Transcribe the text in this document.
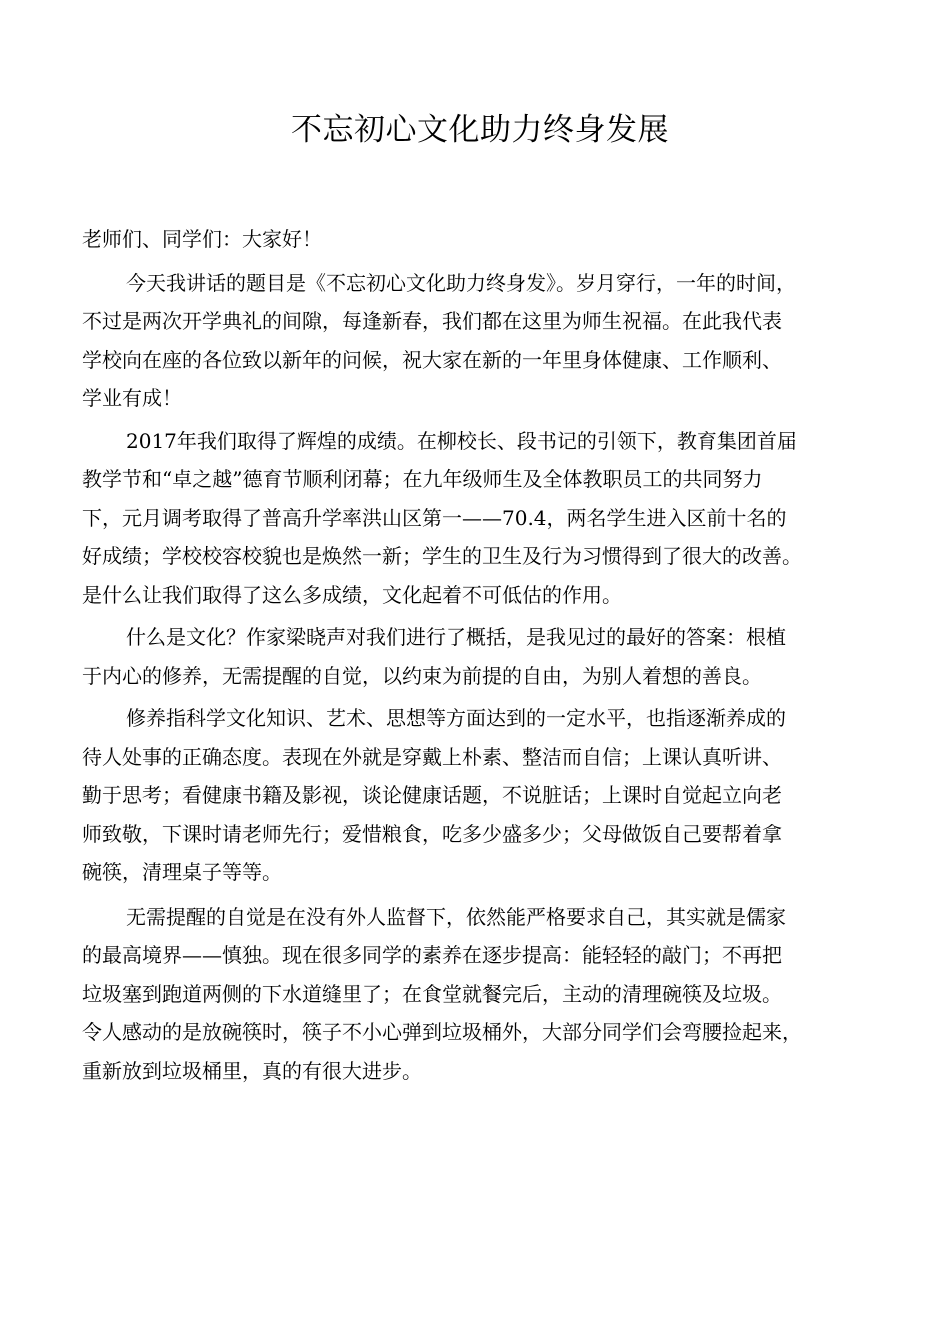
不忘初心文化助力终身发展
老师们、同学们：大家好！
今天我讲话的题目是《不忘初心文化助力终身发》。岁月穿行，一年的时间，
不过是两次开学典礼的间隙，每逢新春，我们都在这里为师生祝福。在此我代表
学校向在座的各位致以新年的问候，祝大家在新的一年里身体健康、工作顺利、
学业有成！
2017年我们取得了辉煌的成绩。在柳校长、段书记的引领下，教育集团首届
教学节和“卓之越”德育节顺利闭幕；在九年级师生及全体教职员工的共同努力
下，元月调考取得了普高升学率洪山区第一——70.4，两名学生进入区前十名的
好成绩；学校校容校貌也是焕然一新；学生的卫生及行为习惯得到了很大的改善。
是什么让我们取得了这么多成绩，文化起着不可低估的作用。
什么是文化？作家梁晓声对我们进行了概括，是我见过的最好的答案：根植
于内心的修养，无需提醒的自觉，以约束为前提的自由，为别人着想的善良。
修养指科学文化知识、艺术、思想等方面达到的一定水平，也指逐渐养成的
待人处事的正确态度。表现在外就是穿戴上朴素、整洁而自信；上课认真听讲、
勤于思考；看健康书籍及影视，谈论健康话题，不说脏话；上课时自觉起立向老
师致敬，下课时请老师先行；爱惜粮食，吃多少盛多少；父母做饭自己要帮着拿
碗筷，清理桌子等等。
无需提醒的自觉是在没有外人监督下，依然能严格要求自己，其实就是儒家
的最高境界——慎独。现在很多同学的素养在逐步提高：能轻轻的敲门；不再把
垃圾塞到跑道两侧的下水道缝里了；在食堂就餐完后，主动的清理碗筷及垃圾。
令人感动的是放碗筷时，筷子不小心弹到垃圾桶外，大部分同学们会弯腰捡起来，
重新放到垃圾桶里，真的有很大进步。
